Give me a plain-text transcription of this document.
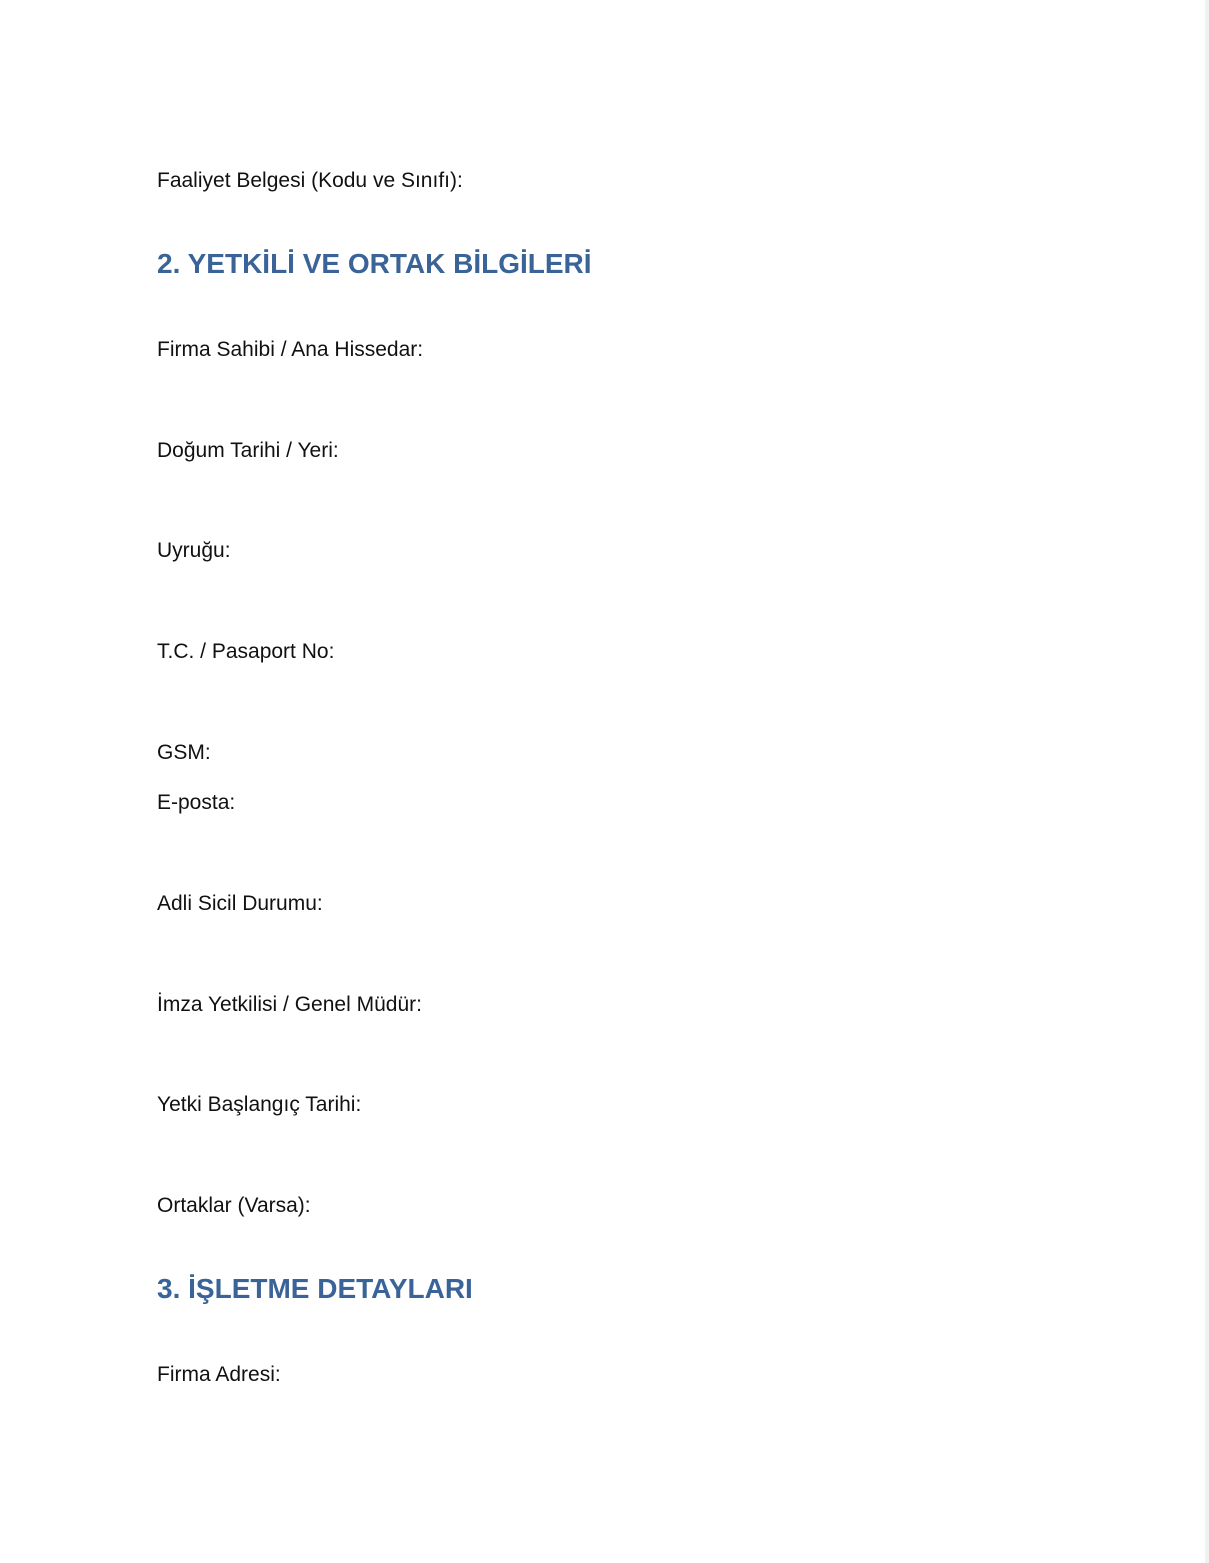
Faaliyet Belgesi (Kodu ve Sınıfı):
2. YETKİLİ VE ORTAK BİLGİLERİ
Firma Sahibi / Ana Hissedar:
Doğum Tarihi / Yeri:
Uyruğu:
T.C. / Pasaport No:
GSM:
E-posta:
Adli Sicil Durumu:
İmza Yetkilisi / Genel Müdür:
Yetki Başlangıç Tarihi:
Ortaklar (Varsa):
3. İŞLETME DETAYLARI
Firma Adresi:
